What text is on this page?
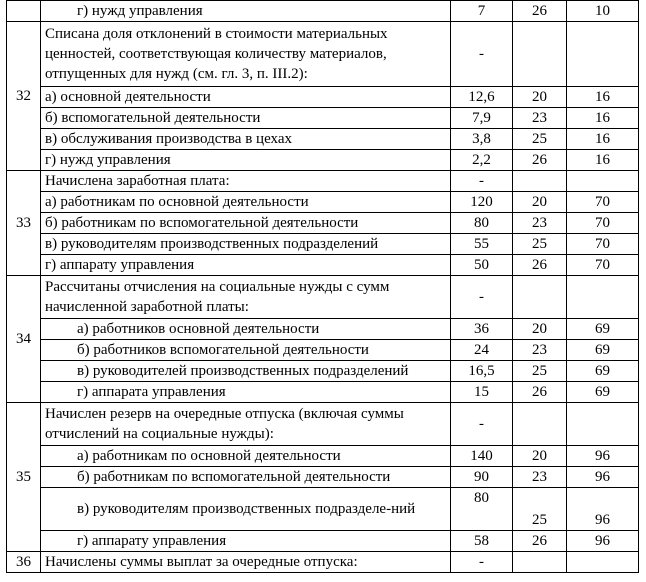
	г) нужд управления	7	26	10
32	Списана доля отклонений в стоимости материальных ценностей, соответствующая количеству материалов, отпущенных для нужд (см. гл. 3, п. III.2):	-		
	а) основной деятельности	12,6	20	16
	б) вспомогательной деятельности	7,9	23	16
	в) обслуживания производства в цехах	3,8	25	16
	г) нужд управления	2,2	26	16
33	Начислена заработная плата:	-		
	а) работникам по основной деятельности	120	20	70
	б) работникам по вспомогательной деятельности	80	23	70
	в) руководителям производственных подразделений	55	25	70
	г) аппарату управления	50	26	70
34	Рассчитаны отчисления на социальные нужды с сумм начисленной заработной платы:	-		
	а) работников основной деятельности	36	20	69
	б) работников вспомогательной деятельности	24	23	69
	в) руководителей производственных подразделений	16,5	25	69
	г) аппарата управления	15	26	69
35	Начислен резерв на очередные отпуска (включая суммы отчислений на социальные нужды):	-		
	а) работникам по основной деятельности	140	20	96
	б) работникам по вспомогательной деятельности	90	23	96
	в) руководителям производственных подразделе-ний	80	25	96
	г) аппарату управления	58	26	96
36	Начислены суммы выплат за очередные отпуска:	-		
